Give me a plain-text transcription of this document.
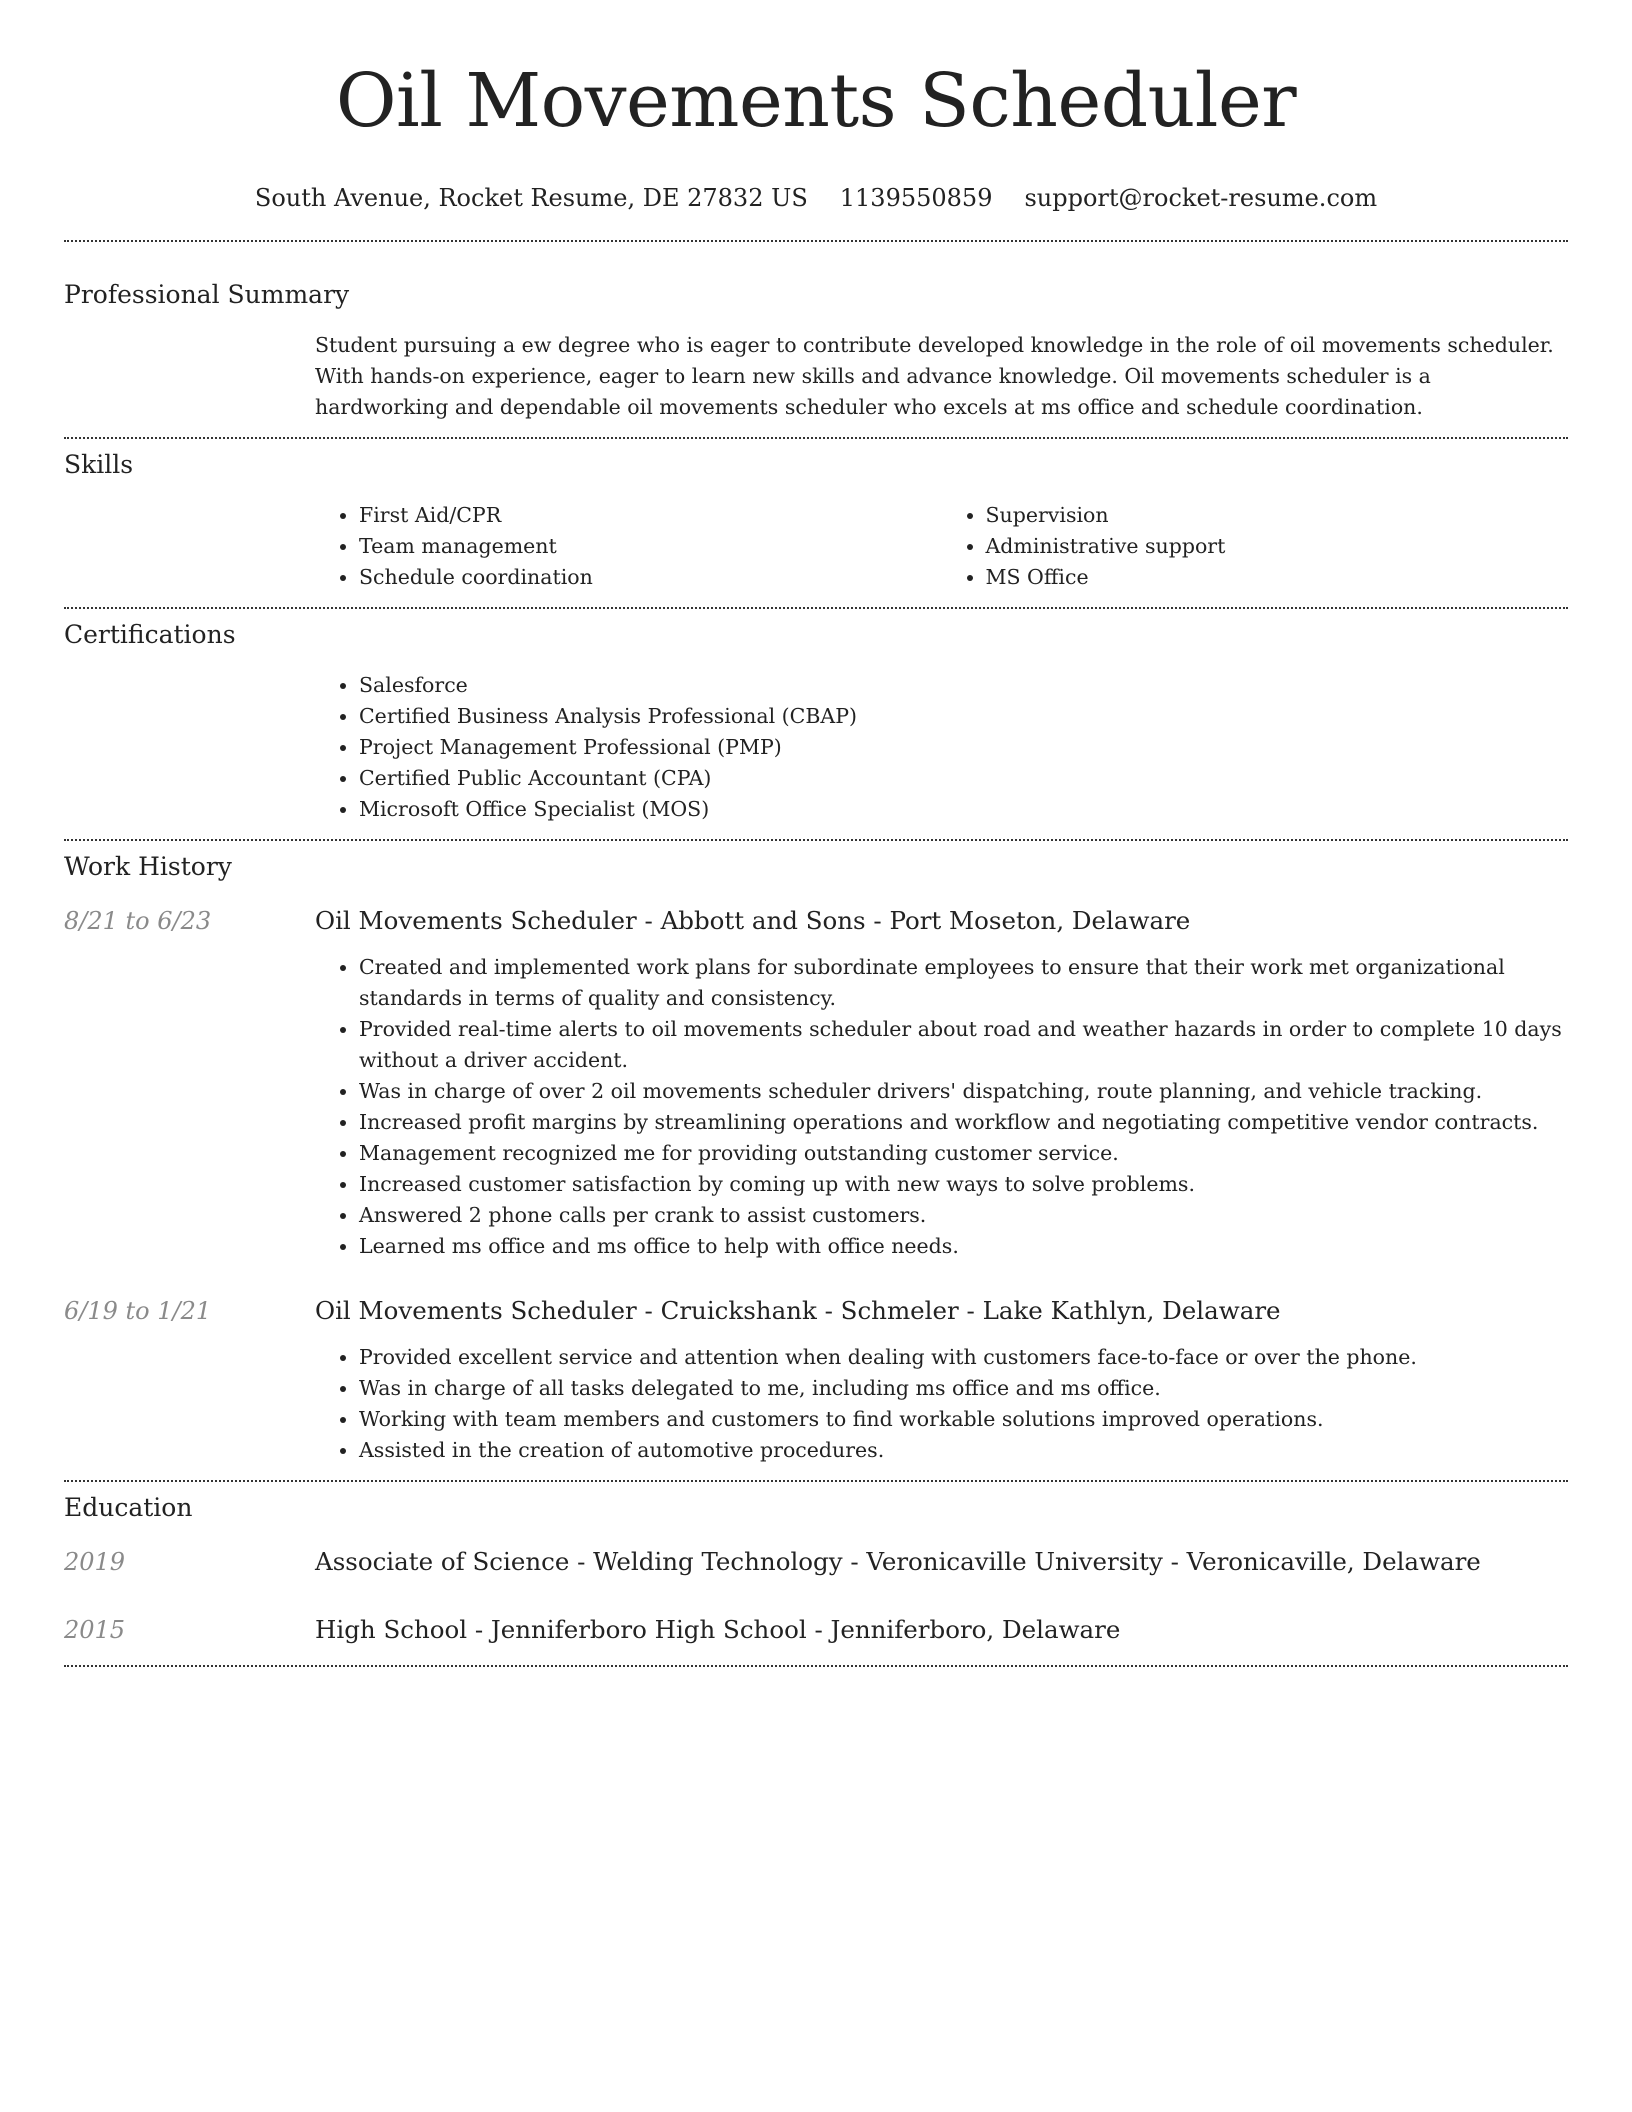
Oil Movements Scheduler
South Avenue, Rocket Resume, DE 27832 US 1139550859 support@rocket-resume.com
Professional Summary

Student pursuing a ew degree who is eager to contribute developed knowledge in the role of oil movements scheduler. With hands-on experience, eager to learn new skills and advance knowledge. Oil movements scheduler is a hardworking and dependable oil movements scheduler who excels at ms office and schedule coordination.

Skills
• First Aid/CPR
• Team management
• Schedule coordination
• Supervision
• Administrative support
• MS Office
Certifications
• Salesforce
• Certified Business Analysis Professional (CBAP)
• Project Management Professional (PMP)
• Certified Public Accountant (CPA)
• Microsoft Office Specialist (MOS)
Work History
8/21 to 6/23	Oil Movements Scheduler - Abbott and Sons - Port Moseton, Delaware
• Created and implemented work plans for subordinate employees to ensure that their work met organizational standards in terms of quality and consistency.
• Provided real-time alerts to oil movements scheduler about road and weather hazards in order to complete 10 days without a driver accident.
• Was in charge of over 2 oil movements scheduler drivers' dispatching, route planning, and vehicle tracking.
• Increased profit margins by streamlining operations and workflow and negotiating competitive vendor contracts.
• Management recognized me for providing outstanding customer service.
• Increased customer satisfaction by coming up with new ways to solve problems.
• Answered 2 phone calls per crank to assist customers.
• Learned ms office and ms office to help with office needs.
6/19 to 1/21	Oil Movements Scheduler - Cruickshank - Schmeler - Lake Kathlyn, Delaware
• Provided excellent service and attention when dealing with customers face-to-face or over the phone.
• Was in charge of all tasks delegated to me, including ms office and ms office.
• Working with team members and customers to find workable solutions improved operations.
• Assisted in the creation of automotive procedures.
Education
2019	Associate of Science - Welding Technology - Veronicaville University - Veronicaville, Delaware
2015	High School - Jenniferboro High School - Jenniferboro, Delaware
